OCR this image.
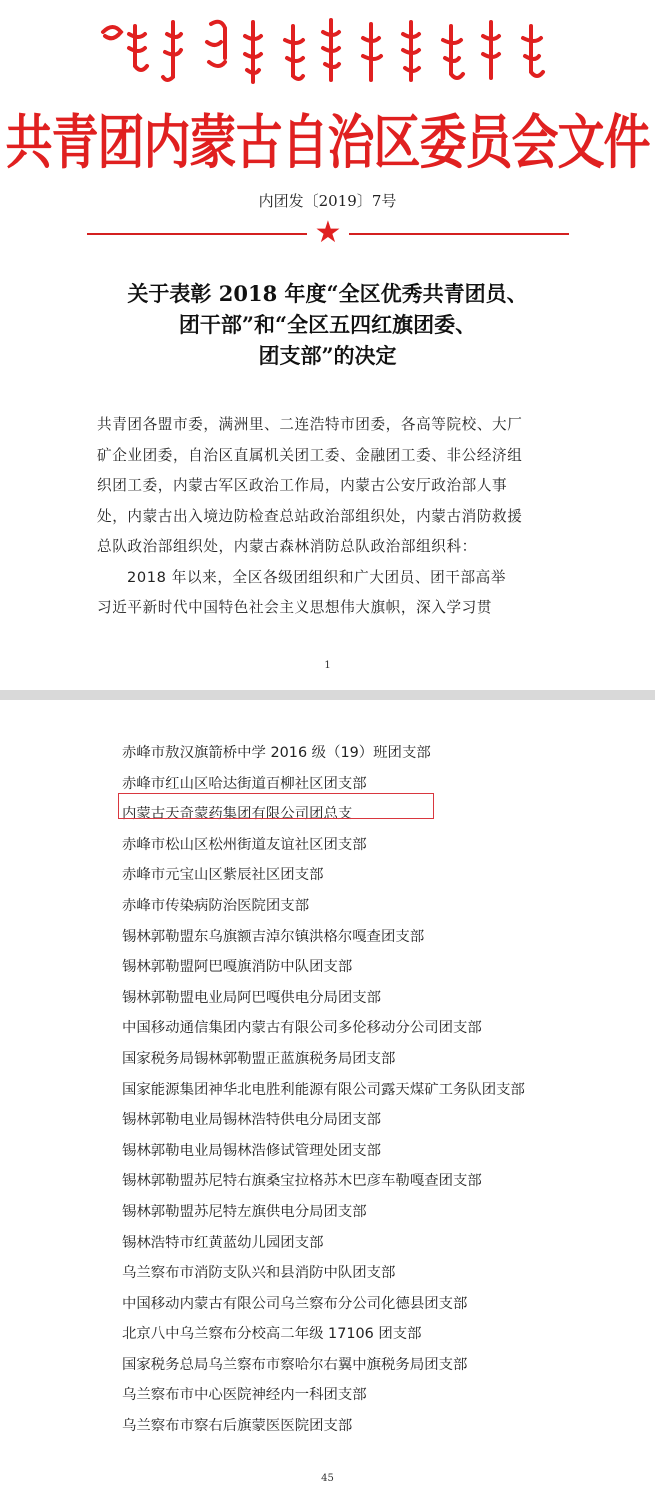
共青团内蒙古自治区委员会文件
内团发〔2019〕7号
★
关于表彰 2018 年度“全区优秀共青团员、
团干部”和“全区五四红旗团委、
团支部”的决定
共青团各盟市委，满洲里、二连浩特市团委，各高等院校、大厂
矿企业团委，自治区直属机关团工委、金融团工委、非公经济组
织团工委，内蒙古军区政治工作局，内蒙古公安厅政治部人事
处，内蒙古出入境边防检查总站政治部组织处，内蒙古消防救援
总队政治部组织处，内蒙古森林消防总队政治部组织科：
2018 年以来，全区各级团组织和广大团员、团干部高举
习近平新时代中国特色社会主义思想伟大旗帜，深入学习贯
1
赤峰市敖汉旗箭桥中学 2016 级（19）班团支部
赤峰市红山区哈达街道百柳社区团支部
内蒙古天奇蒙药集团有限公司团总支
赤峰市松山区松州街道友谊社区团支部
赤峰市元宝山区紫辰社区团支部
赤峰市传染病防治医院团支部
锡林郭勒盟东乌旗额吉淖尔镇洪格尔嘎查团支部
锡林郭勒盟阿巴嘎旗消防中队团支部
锡林郭勒盟电业局阿巴嘎供电分局团支部
中国移动通信集团内蒙古有限公司多伦移动分公司团支部
国家税务局锡林郭勒盟正蓝旗税务局团支部
国家能源集团神华北电胜利能源有限公司露天煤矿工务队团支部
锡林郭勒电业局锡林浩特供电分局团支部
锡林郭勒电业局锡林浩修试管理处团支部
锡林郭勒盟苏尼特右旗桑宝拉格苏木巴彦车勒嘎查团支部
锡林郭勒盟苏尼特左旗供电分局团支部
锡林浩特市红黄蓝幼儿园团支部
乌兰察布市消防支队兴和县消防中队团支部
中国移动内蒙古有限公司乌兰察布分公司化德县团支部
北京八中乌兰察布分校高二年级 17106 团支部
国家税务总局乌兰察布市察哈尔右翼中旗税务局团支部
乌兰察布市中心医院神经内一科团支部
乌兰察布市察右后旗蒙医医院团支部
45
